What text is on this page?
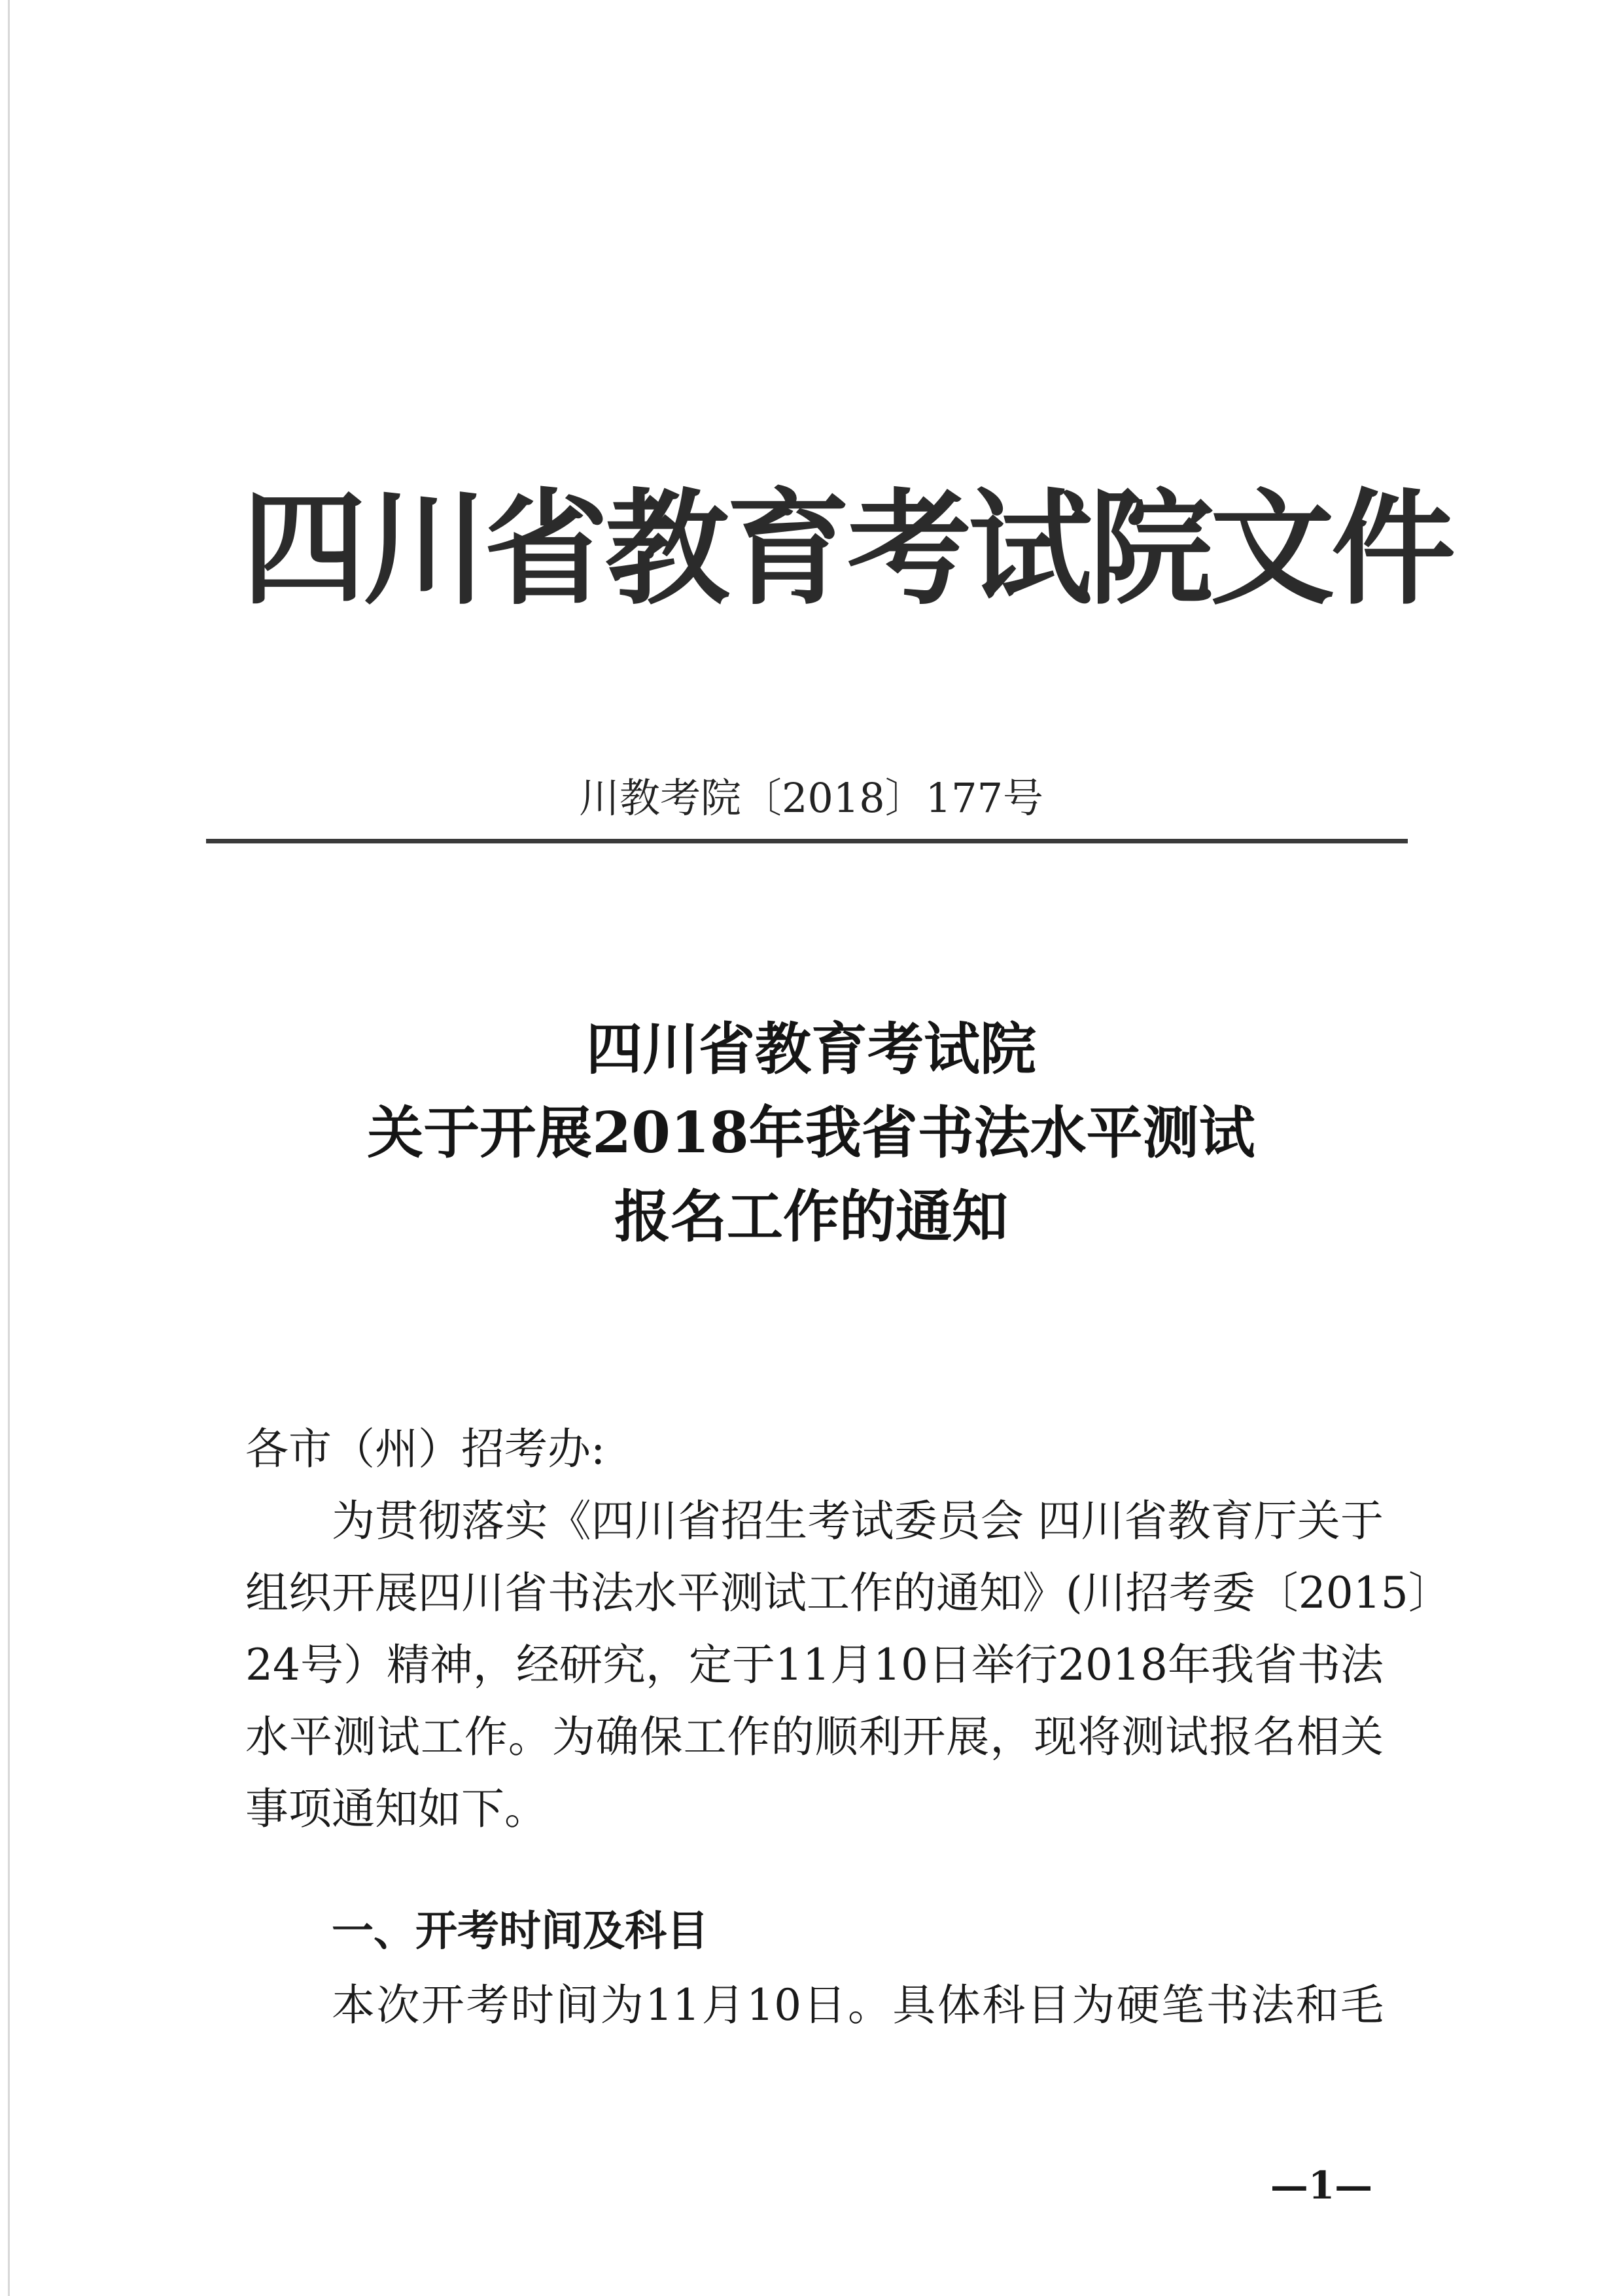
四川省教育考试院文件
川教考院〔2018〕177号
四川省教育考试院
关于开展2018年我省书法水平测试
报名工作的通知
各市（州）招考办:
为贯彻落实《四川省招生考试委员会 四川省教育厅关于
组织开展四川省书法水平测试工作的通知》(川招考委〔2015〕
24号）精神，经研究，定于11月10日举行2018年我省书法
水平测试工作。为确保工作的顺利开展，现将测试报名相关
事项通知如下。
一、开考时间及科目
本次开考时间为11月10日。具体科目为硬笔书法和毛
—1—
